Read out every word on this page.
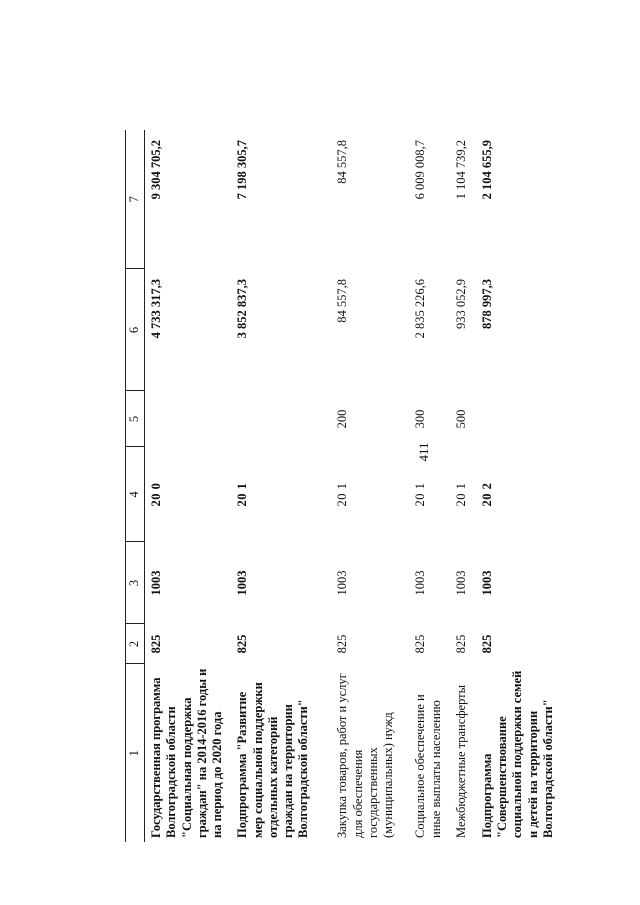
411
1	2	3	4	5	6	7
Государственная программа Волгоградской области "Социальная поддержка граждан" на 2014-2016 годы и на период до 2020 года	825	1003	20 0		4 733 317,3	9 304 705,2
Подпрограмма "Развитие мер социальной поддержки отдельных категорий граждан на территории Волгоградской области"	825	1003	20 1		3 852 837,3	7 198 305,7
Закупка товаров, работ и услуг для обеспечения государственных (муниципальных) нужд	825	1003	20 1	200	84 557,8	84 557,8
Социальное обеспечение и иные выплаты населению	825	1003	20 1	300	2 835 226,6	6 009 008,7
Межбюджетные трансферты	825	1003	20 1	500	933 052,9	1 104 739,2
Подпрограмма "Совершенствование социальной поддержки семей и детей на территории Волгоградской области"	825	1003	20 2		878 997,3	2 104 655,9
